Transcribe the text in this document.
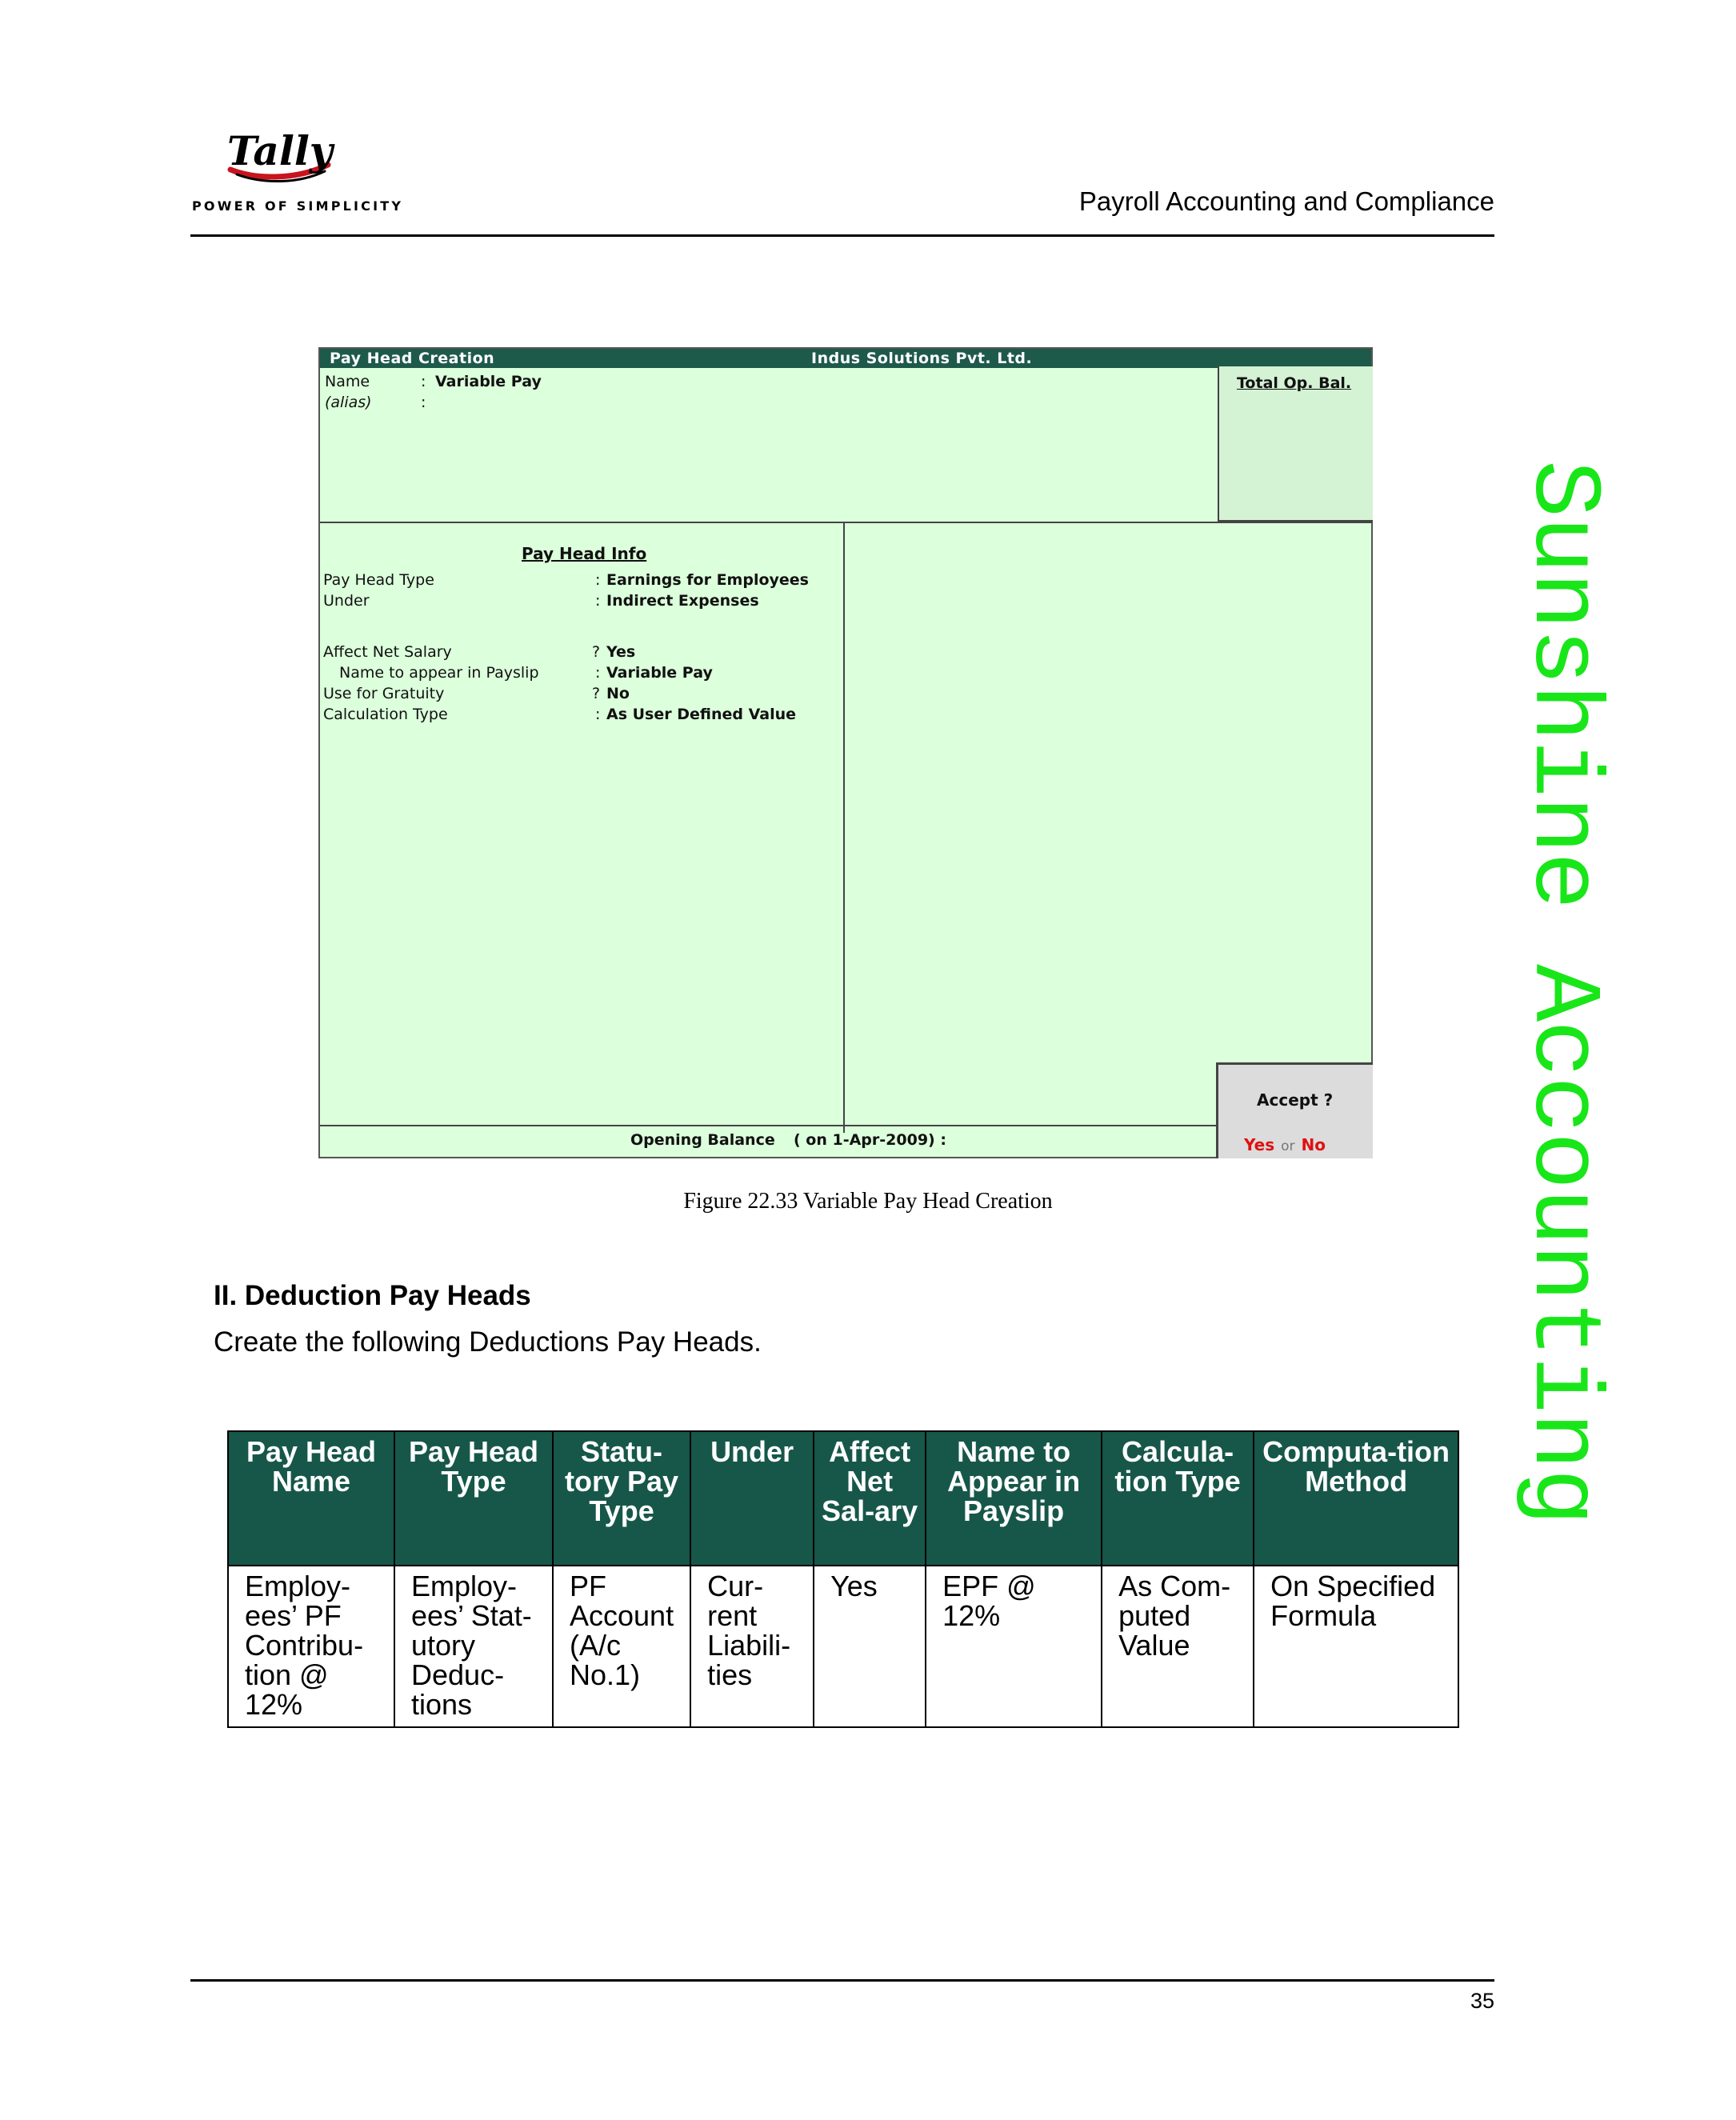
Tally
POWER OF SIMPLICITY	Payroll Accounting and Compliance
Sunshine Accounting
Pay Head Creation	Indus Solutions Pvt. Ltd.
Name	: Variable Pay
(alias)	:
Total Op. Bal.
Pay Head Info
Pay Head Type	: Earnings for Employees
Under	: Indirect Expenses
Affect Net Salary	? Yes
Name to appear in Payslip	: Variable Pay
Use for Gratuity	? No
Calculation Type	: As User Defined Value
Opening Balance ( on 1-Apr-2009) :
Accept ?
Yes or No
Figure 22.33 Variable Pay Head Creation
II. Deduction Pay Heads
Create the following Deductions Pay Heads.
Pay Head Name	Pay Head Type	Statu-tory Pay Type	Under	Affect Net Sal-ary	Name to Appear in Payslip	Calcula-tion Type	Computa-tion Method
Employ-ees’ PF Contribu-tion @ 12%	Employ-ees’ Stat-utory Deduc-tions	PF Account (A/c No.1)	Cur-rent Liabili-ties	Yes	EPF @ 12%	As Com-puted Value	On Specified Formula
35
